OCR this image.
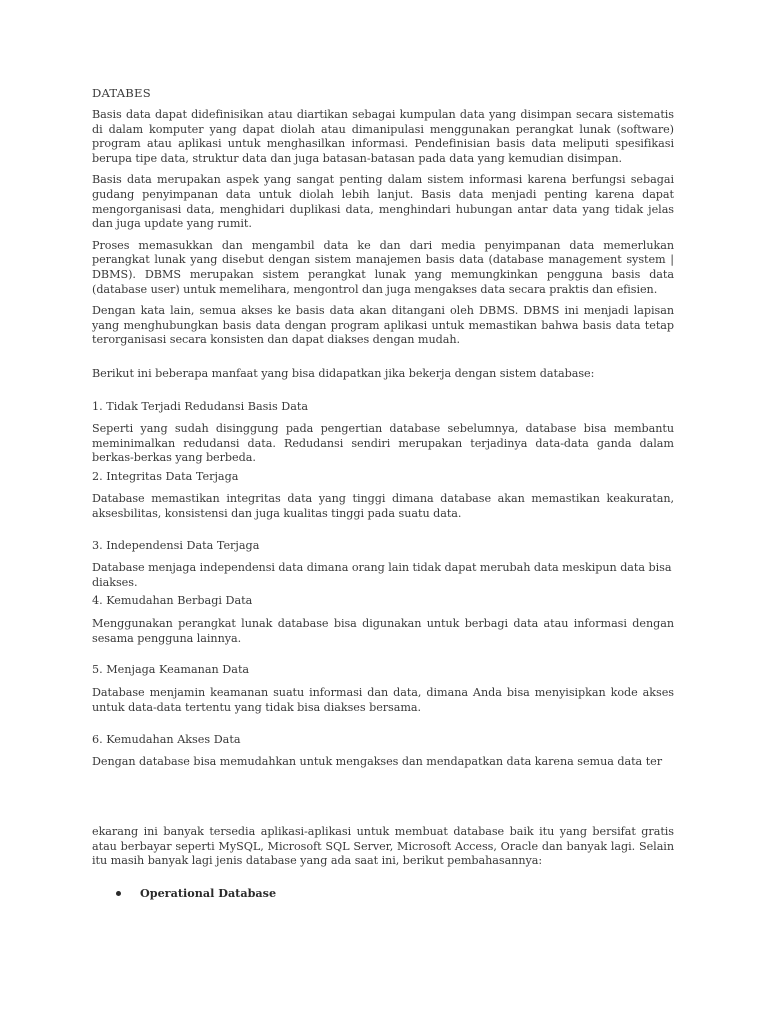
DATABES

Basis data dapat didefinisikan atau diartikan sebagai kumpulan data yang disimpan secara sistematis di dalam komputer yang dapat diolah atau dimanipulasi menggunakan perangkat lunak (software) program atau aplikasi untuk menghasilkan informasi. Pendefinisian basis data meliputi spesifikasi berupa tipe data, struktur data dan juga batasan-batasan pada data yang kemudian disimpan.

Basis data merupakan aspek yang sangat penting dalam sistem informasi karena berfungsi sebagai gudang penyimpanan data untuk diolah lebih lanjut. Basis data menjadi penting karena dapat mengorganisasi data, menghidari duplikasi data, menghindari hubungan antar data yang tidak jelas dan juga update yang rumit.

Proses memasukkan dan mengambil data ke dan dari media penyimpanan data memerlukan perangkat lunak yang disebut dengan sistem manajemen basis data (database management system | DBMS). DBMS merupakan sistem perangkat lunak yang memungkinkan pengguna basis data (database user) untuk memelihara, mengontrol dan juga mengakses data secara praktis dan efisien.

Dengan kata lain, semua akses ke basis data akan ditangani oleh DBMS. DBMS ini menjadi lapisan yang menghubungkan basis data dengan program aplikasi untuk memastikan bahwa basis data tetap terorganisasi secara konsisten dan dapat diakses dengan mudah.

Berikut ini beberapa manfaat yang bisa didapatkan jika bekerja dengan sistem database:

1. Tidak Terjadi Redudansi Basis Data

Seperti yang sudah disinggung pada pengertian database sebelumnya, database bisa membantu meminimalkan redudansi data. Redudansi sendiri merupakan terjadinya data-data ganda dalam berkas-berkas yang berbeda.

2. Integritas Data Terjaga

Database memastikan integritas data yang tinggi dimana database akan memastikan keakuratan, aksesbilitas, konsistensi dan juga kualitas tinggi pada suatu data.

3. Independensi Data Terjaga

Database menjaga independensi data dimana orang lain tidak dapat merubah data meskipun data bisa diakses.

4. Kemudahan Berbagi Data

Menggunakan perangkat lunak database bisa digunakan untuk berbagi data atau informasi dengan sesama pengguna lainnya.

5. Menjaga Keamanan Data

Database menjamin keamanan suatu informasi dan data, dimana Anda bisa menyisipkan kode akses untuk data-data tertentu yang tidak bisa diakses bersama.

6. Kemudahan Akses Data

Dengan database bisa memudahkan untuk mengakses dan mendapatkan data karena semua data ter

ekarang ini banyak tersedia aplikasi-aplikasi untuk membuat database baik itu yang bersifat gratis atau berbayar seperti MySQL, Microsoft SQL Server, Microsoft Access, Oracle dan banyak lagi. Selain itu masih banyak lagi jenis database yang ada saat ini, berikut pembahasannya:

Operational Database
